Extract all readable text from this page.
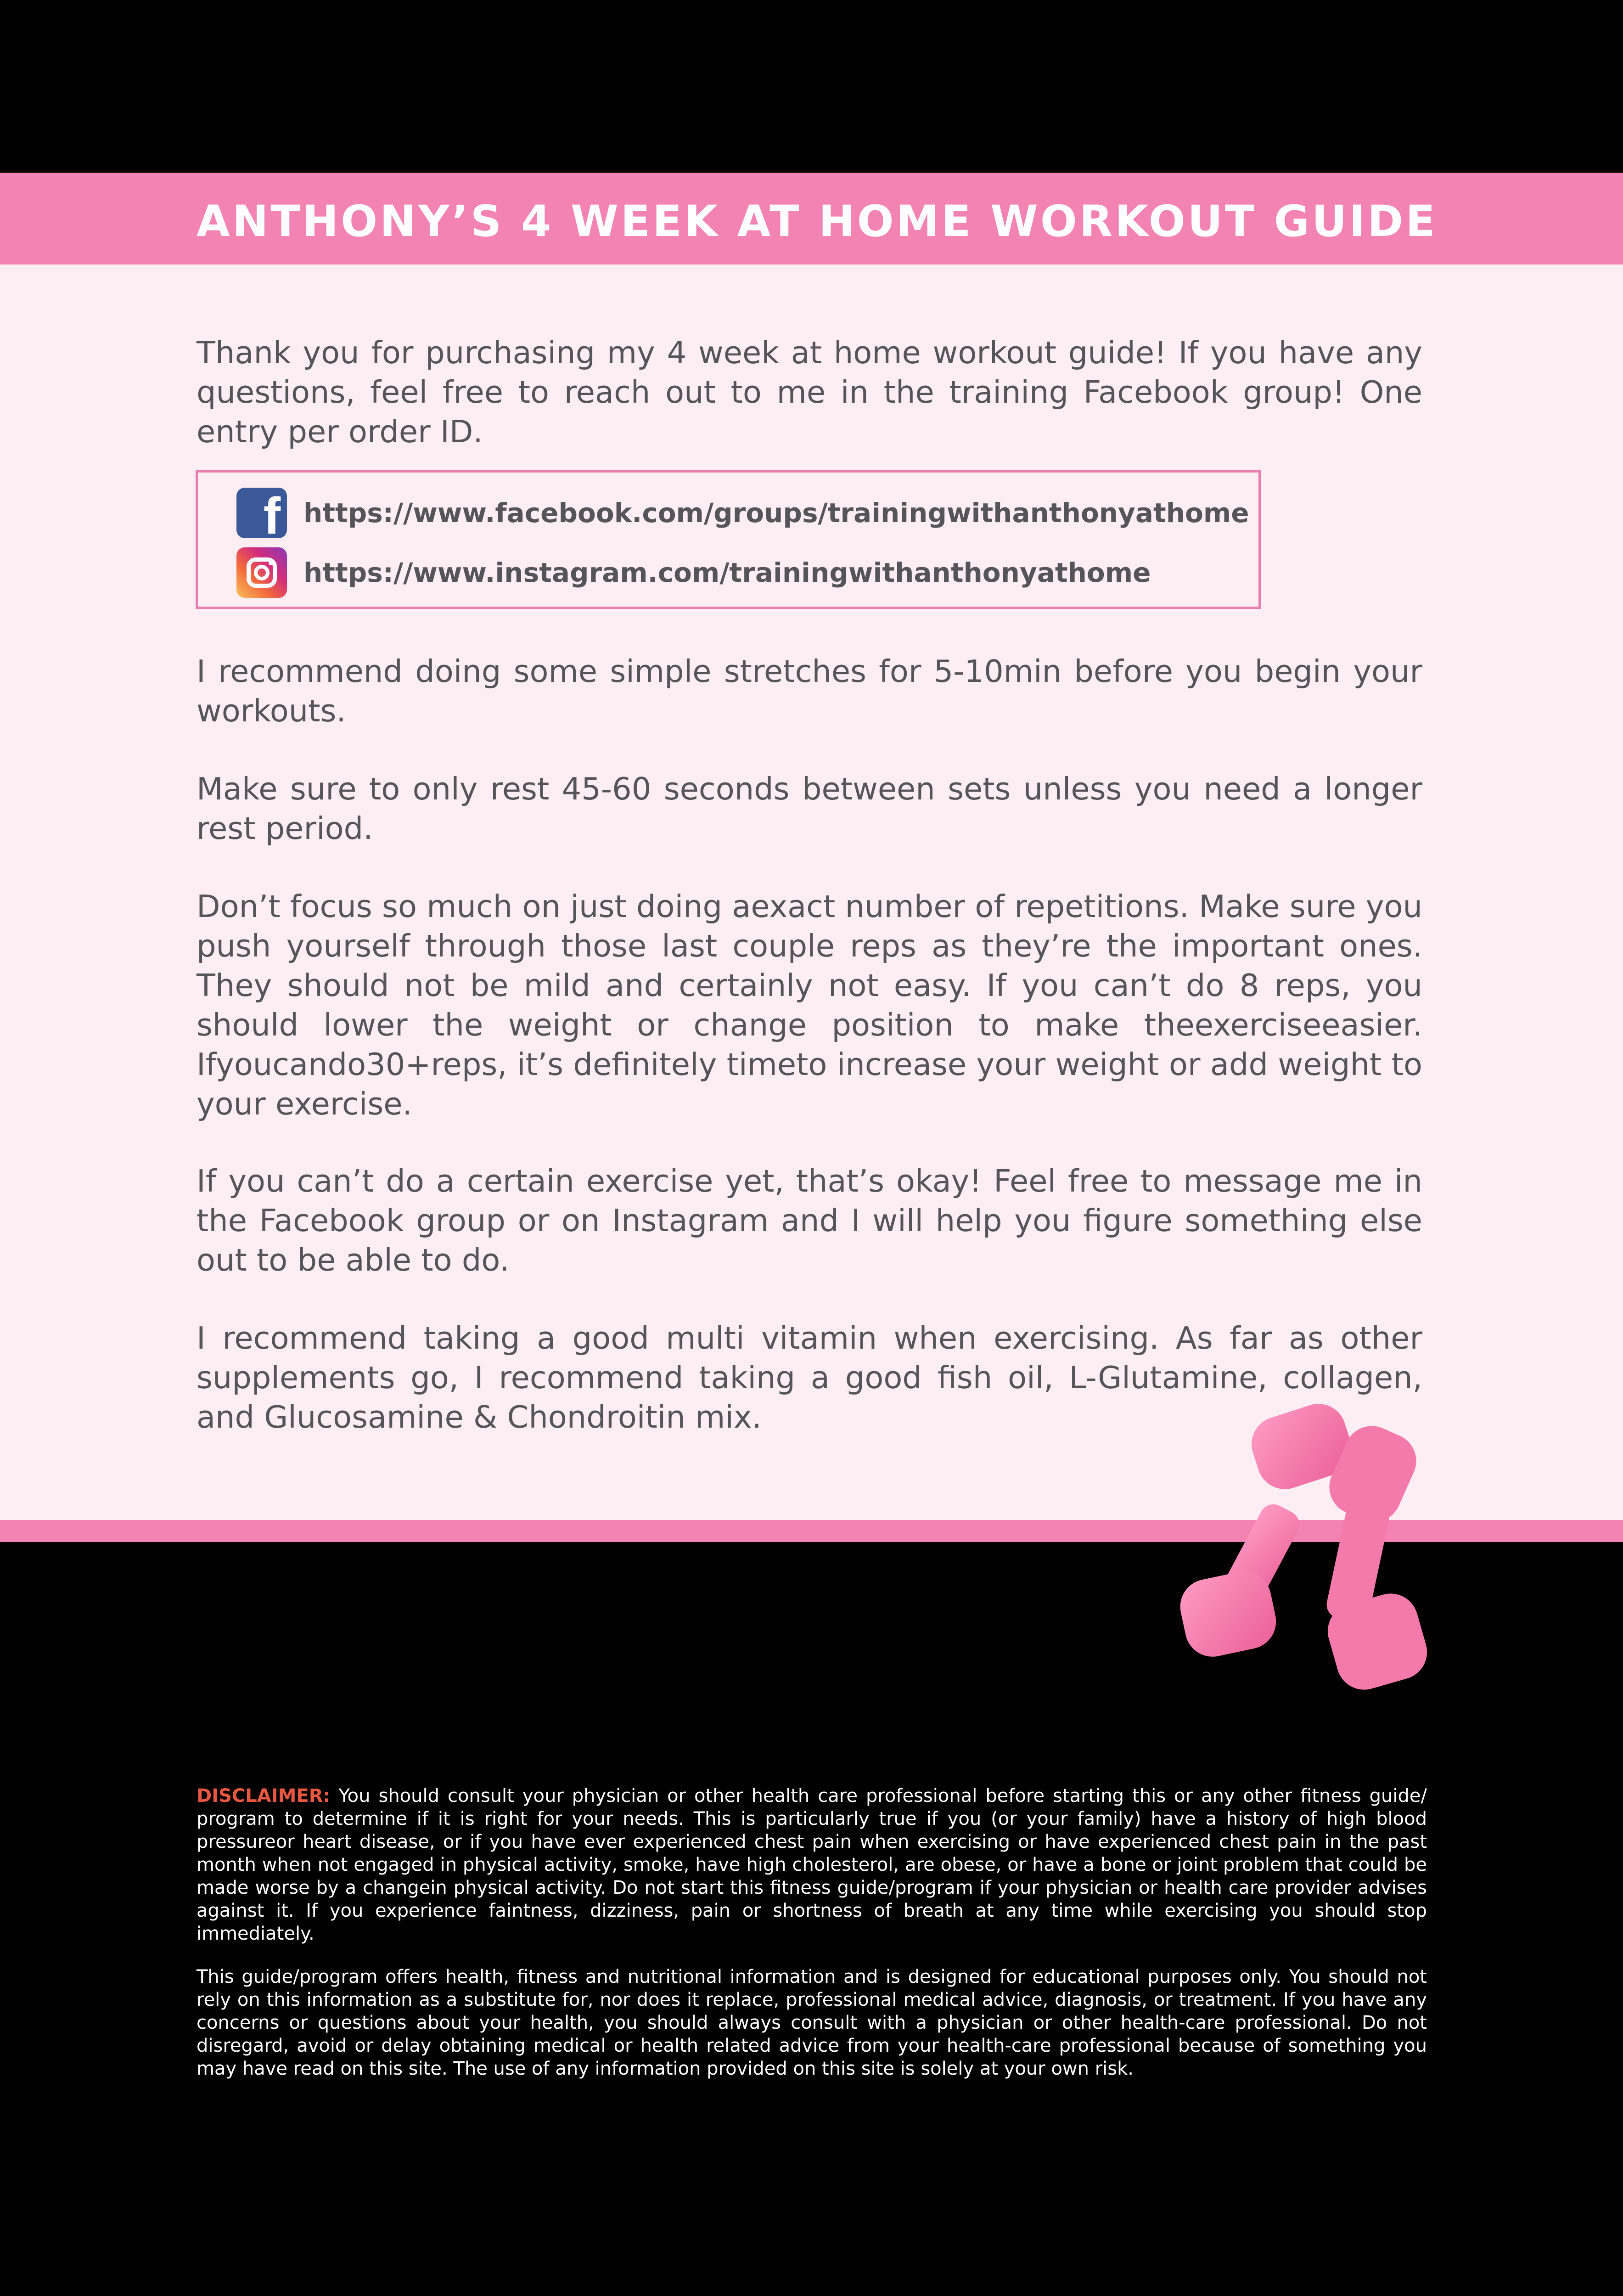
ANTHONY’S 4 WEEK AT HOME WORKOUT GUIDE
Thank you for purchasing my 4 week at home workout guide! If you have any questions, feel free to reach out to me in the training Facebook group! One entry per order ID.
f https://www.facebook.com/groups/trainingwithanthonyathome
https://www.instagram.com/trainingwithanthonyathome
I recommend doing some simple stretches for 5-10min before you begin your workouts.
Make sure to only rest 45-60 seconds between sets unless you need a longer rest period.
Don’t focus so much on just doing aexact number of repetitions. Make sure you push yourself through those last couple reps as they’re the important ones. They should not be mild and certainly not easy. If you can’t do 8 reps, you should lower the weight or change position to make theexerciseeasier. Ifyoucando30+reps, it’s definitely timeto increase your weight or add weight to your exercise.
If you can’t do a certain exercise yet, that’s okay! Feel free to message me in the Facebook group or on Instagram and I will help you figure something else out to be able to do.
I recommend taking a good multi vitamin when exercising. As far as other supplements go, I recommend taking a good fish oil, L-Glutamine, collagen, and Glucosamine & Chondroitin mix.
DISCLAIMER: You should consult your physician or other health care professional before starting this or any other fitness guide/ program to determine if it is right for your needs. This is particularly true if you (or your family) have a history of high blood pressureor heart disease, or if you have ever experienced chest pain when exercising or have experienced chest pain in the past month when not engaged in physical activity, smoke, have high cholesterol, are obese, or have a bone or joint problem that could be made worse by a changein physical activity. Do not start this fitness guide/program if your physician or health care provider advises against it. If you experience faintness, dizziness, pain or shortness of breath at any time while exercising you should stop immediately.
This guide/program offers health, fitness and nutritional information and is designed for educational purposes only. You should not rely on this information as a substitute for, nor does it replace, professional medical advice, diagnosis, or treatment. If you have any concerns or questions about your health, you should always consult with a physician or other health-care professional. Do not disregard, avoid or delay obtaining medical or health related advice from your health-care professional because of something you may have read on this site. The use of any information provided on this site is solely at your own risk.
